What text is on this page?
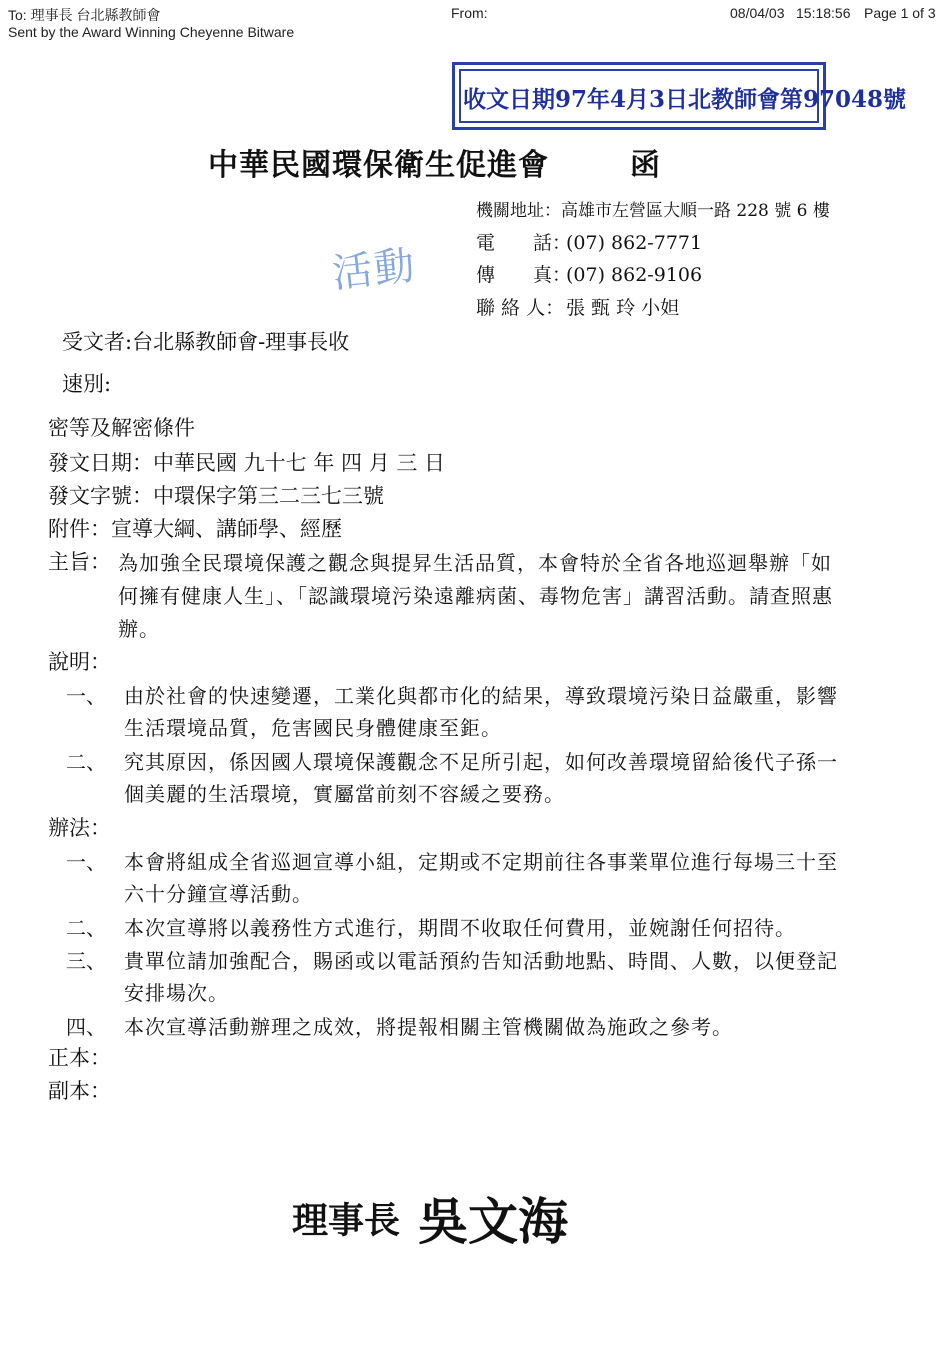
To: 理事長 台北縣教師會	From:	08/04/03 15:18:56 Page 1 of 3
Sent by the Award Winning Cheyenne Bitware
收文日期97年4月3日北教師會第97048號
中華民國環保衛生促進會	函
活動
機關地址：高雄市左營區大順一路 228 號 6 樓
電　　話：(07) 862-7771
傳　　真：(07) 862-9106
聯 絡 人： 張 甄 玲 小妲
受文者:台北縣教師會-理事長收
速別:
密等及解密條件
發文日期：中華民國 九十七 年 四 月 三 日
發文字號：中環保字第三二三七三號
附件：宣導大綱、講師學、經歷
主旨： 為加強全民環境保護之觀念與提昇生活品質，本會特於全省各地巡迴舉辦「如
何擁有健康人生」、「認識環境污染遠離病菌、毒物危害」講習活動。請查照惠
辦。
說明：
一、 由於社會的快速變遷，工業化與都市化的結果，導致環境污染日益嚴重，影響
生活環境品質，危害國民身體健康至鉅。
二、 究其原因，係因國人環境保護觀念不足所引起，如何改善環境留給後代子孫一
個美麗的生活環境，實屬當前刻不容緩之要務。
辦法：
一、 本會將組成全省巡迴宣導小組，定期或不定期前往各事業單位進行每場三十至
六十分鐘宣導活動。
二、 本次宣導將以義務性方式進行，期間不收取任何費用，並婉謝任何招待。
三、 貴單位請加強配合，賜函或以電話預約告知活動地點、時間、人數，以便登記
安排場次。
四、 本次宣導活動辦理之成效，將提報相關主管機關做為施政之參考。
正本：
副本：
理事長 吳文海
